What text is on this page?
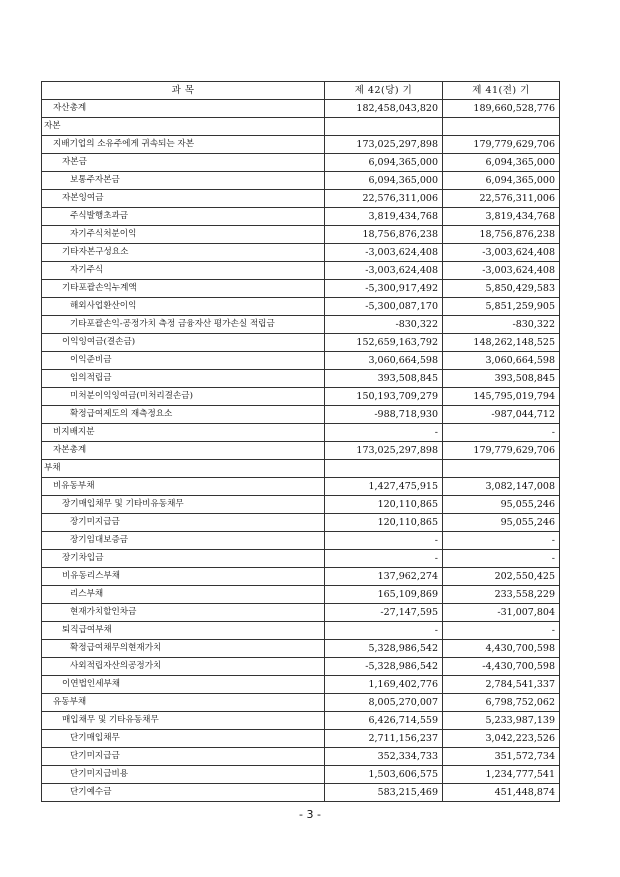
과 목	제 42(당) 기	제 41(전) 기
자산총계	182,458,043,820	189,660,528,776
자본		
지배기업의 소유주에게 귀속되는 자본	173,025,297,898	179,779,629,706
자본금	6,094,365,000	6,094,365,000
보통주자본금	6,094,365,000	6,094,365,000
자본잉여금	22,576,311,006	22,576,311,006
주식발행초과금	3,819,434,768	3,819,434,768
자기주식처분이익	18,756,876,238	18,756,876,238
기타자본구성요소	-3,003,624,408	-3,003,624,408
자기주식	-3,003,624,408	-3,003,624,408
기타포괄손익누계액	-5,300,917,492	5,850,429,583
해외사업환산이익	-5,300,087,170	5,851,259,905
기타포괄손익-공정가치 측정 금융자산 평가손실 적립금	-830,322	-830,322
이익잉여금(결손금)	152,659,163,792	148,262,148,525
이익준비금	3,060,664,598	3,060,664,598
임의적립금	393,508,845	393,508,845
미처분이익잉여금(미처리결손금)	150,193,709,279	145,795,019,794
확정급여제도의 재측정요소	-988,718,930	-987,044,712
비지배지분	-	-
자본총계	173,025,297,898	179,779,629,706
부채		
비유동부채	1,427,475,915	3,082,147,008
장기매입채무 및 기타비유동채무	120,110,865	95,055,246
장기미지급금	120,110,865	95,055,246
장기임대보증금	-	-
장기차입금	-	-
비유동리스부채	137,962,274	202,550,425
리스부채	165,109,869	233,558,229
현재가치할인차금	-27,147,595	-31,007,804
퇴직급여부채	-	-
확정급여채무의현재가치	5,328,986,542	4,430,700,598
사외적립자산의공정가치	-5,328,986,542	-4,430,700,598
이연법인세부채	1,169,402,776	2,784,541,337
유동부채	8,005,270,007	6,798,752,062
매입채무 및 기타유동채무	6,426,714,559	5,233,987,139
단기매입채무	2,711,156,237	3,042,223,526
단기미지급금	352,334,733	351,572,734
단기미지급비용	1,503,606,575	1,234,777,541
단기예수금	583,215,469	451,448,874
- 3 -
